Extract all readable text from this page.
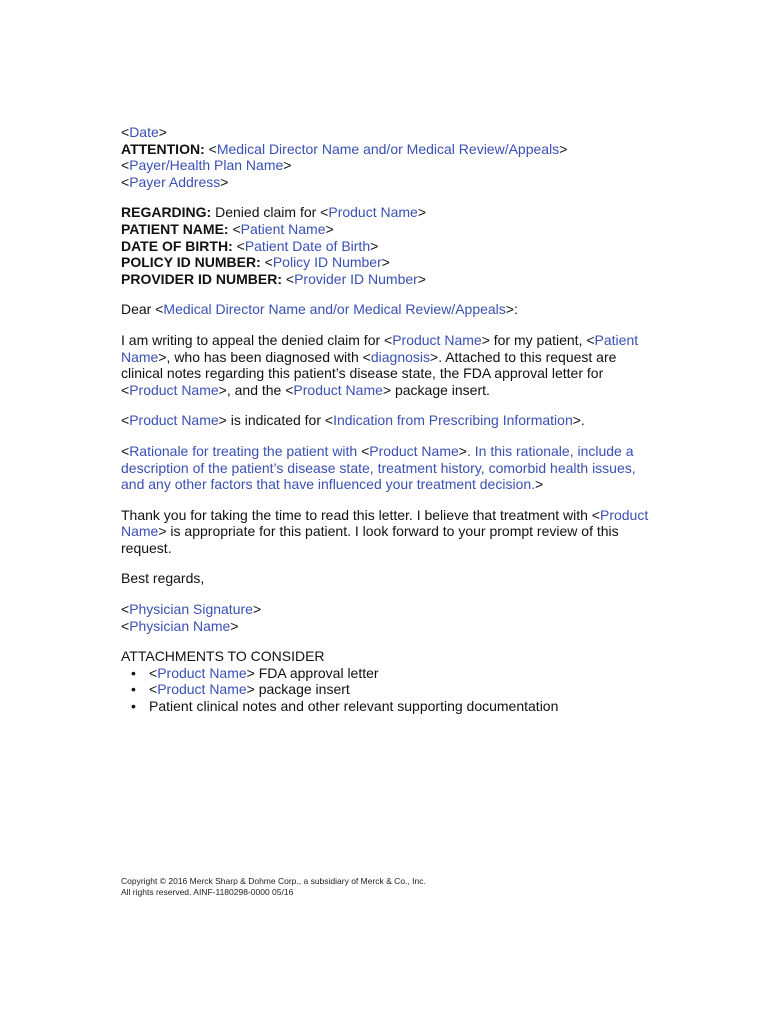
<Date>
ATTENTION: <Medical Director Name and/or Medical Review/Appeals>
<Payer/Health Plan Name>
<Payer Address>
REGARDING: Denied claim for <Product Name>
PATIENT NAME: <Patient Name>
DATE OF BIRTH: <Patient Date of Birth>
POLICY ID NUMBER: <Policy ID Number>
PROVIDER ID NUMBER: <Provider ID Number>
Dear <Medical Director Name and/or Medical Review/Appeals>:

I am writing to appeal the denied claim for <Product Name> for my patient, <Patient Name>, who has been diagnosed with <diagnosis>. Attached to this request are clinical notes regarding this patient’s disease state, the FDA approval letter for <Product Name>, and the <Product Name> package insert.

<Product Name> is indicated for <Indication from Prescribing Information>.

<Rationale for treating the patient with <Product Name>. In this rationale, include a description of the patient’s disease state, treatment history, comorbid health issues, and any other factors that have influenced your treatment decision.>

Thank you for taking the time to read this letter. I believe that treatment with <Product Name> is appropriate for this patient. I look forward to your prompt review of this request.

Best regards,
<Physician Signature>
<Physician Name>
ATTACHMENTS TO CONSIDER
• <Product Name> FDA approval letter
• <Product Name> package insert
• Patient clinical notes and other relevant supporting documentation
Copyright © 2016 Merck Sharp & Dohme Corp., a subsidiary of Merck & Co., Inc.
All rights reserved. AINF-1180298-0000 05/16
